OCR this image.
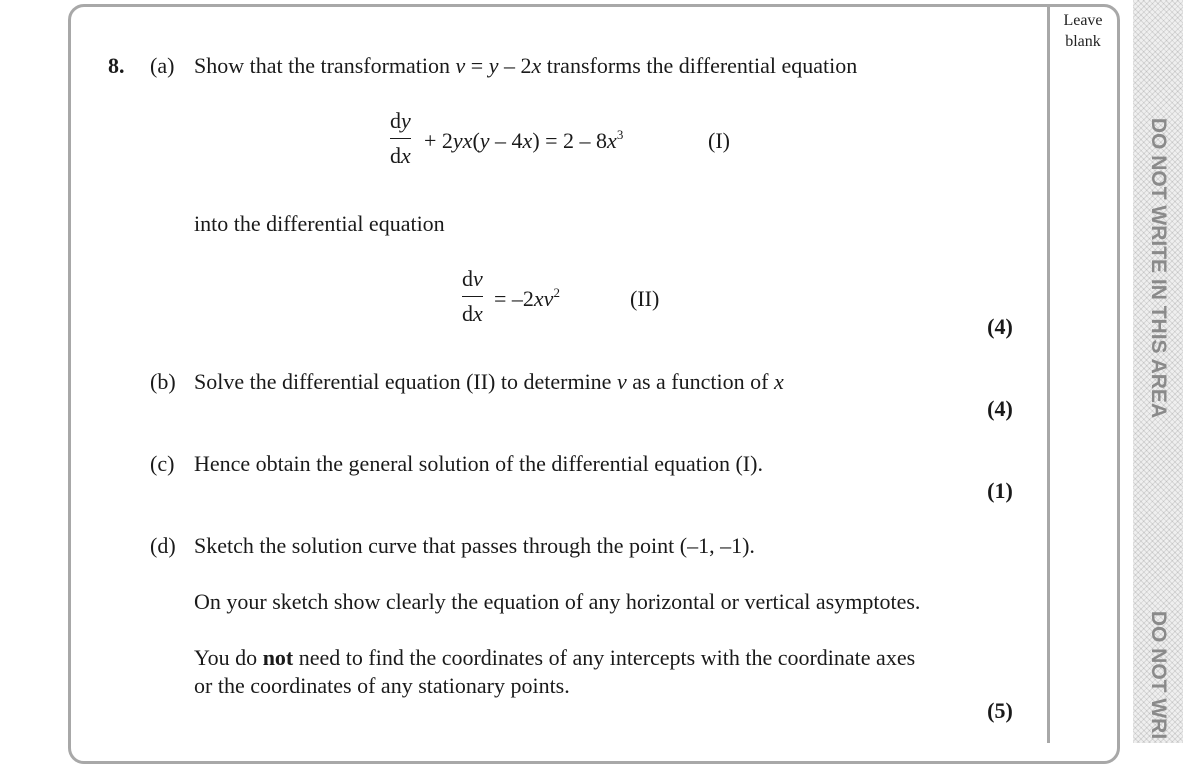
Leave
blank
DO NOT WRITE IN THIS AREA
DO NOT WRI
8. (a) Show that the transformation v = y – 2x transforms the differential equation
dy
dx
+ $2yx(y - 4x) = 2 - 8x^3$	(I)
into the differential equation
dv
dx
= $-2xv^2$	(II)
(4)
(b) Solve the differential equation (II) to determine v as a function of x
(4)
(c) Hence obtain the general solution of the differential equation (I).
(1)
(d) Sketch the solution curve that passes through the point (–1, –1).
On your sketch show clearly the equation of any horizontal or vertical asymptotes.
You do not need to find the coordinates of any intercepts with the coordinate axes
or the coordinates of any stationary points.
(5)
